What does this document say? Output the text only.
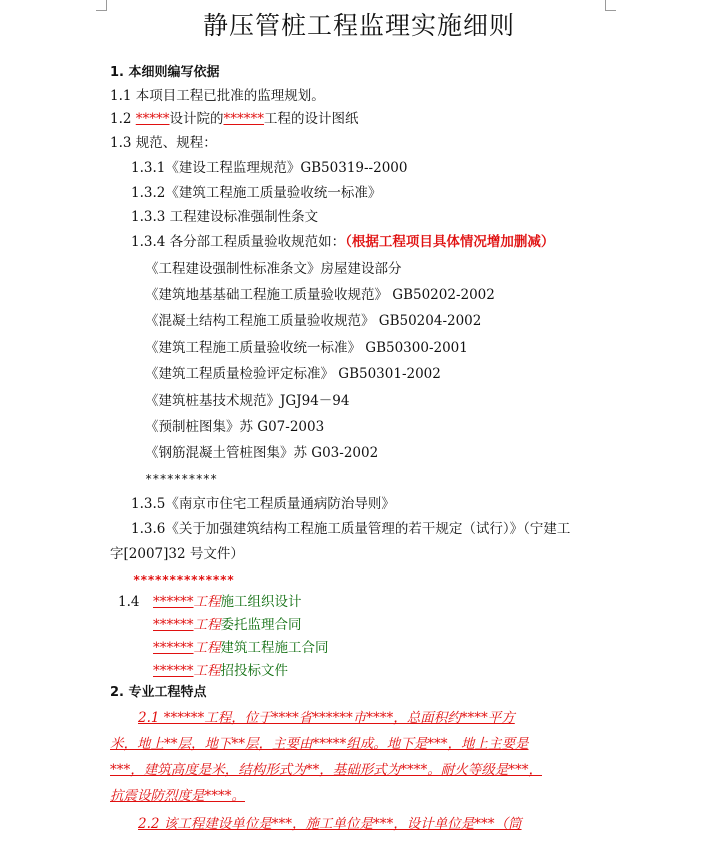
静压管桩工程监理实施细则
1. 本细则编写依据
1.1 本项目工程已批准的监理规划。
1.2 *****设计院的******工程的设计图纸
1.3 规范、规程：
1.3.1《建设工程监理规范》GB50319--2000
1.3.2《建筑工程施工质量验收统一标准》
1.3.3 工程建设标准强制性条文
1.3.4 各分部工程质量验收规范如：（根据工程项目具体情况增加删减）
《工程建设强制性标准条文》房屋建设部分
《建筑地基基础工程施工质量验收规范》 GB50202-2002
《混凝土结构工程施工质量验收规范》 GB50204-2002
《建筑工程施工质量验收统一标准》 GB50300-2001
《建筑工程质量检验评定标准》 GB50301-2002
《建筑桩基技术规范》JGJ94－94
《预制桩图集》苏 G07-2003
《钢筋混凝土管桩图集》苏 G03-2002
**********
1.3.5《南京市住宅工程质量通病防治导则》
1.3.6《关于加强建筑结构工程施工质量管理的若干规定（试行）》（宁建工
字[2007]32 号文件）
**************
1.4 ******工程施工组织设计
******工程委托监理合同
******工程建筑工程施工合同
******工程招投标文件
2. 专业工程特点
2.1 ******工程，位于****省******市****，总面积约****平方
米，地上**层，地下**层，主要由*****组成。地下是***，地上主要是
***，建筑高度是米，结构形式为**，基础形式为****。耐火等级是***，
抗震设防烈度是****。
2.2 该工程建设单位是***，施工单位是***，设计单位是***（筒
